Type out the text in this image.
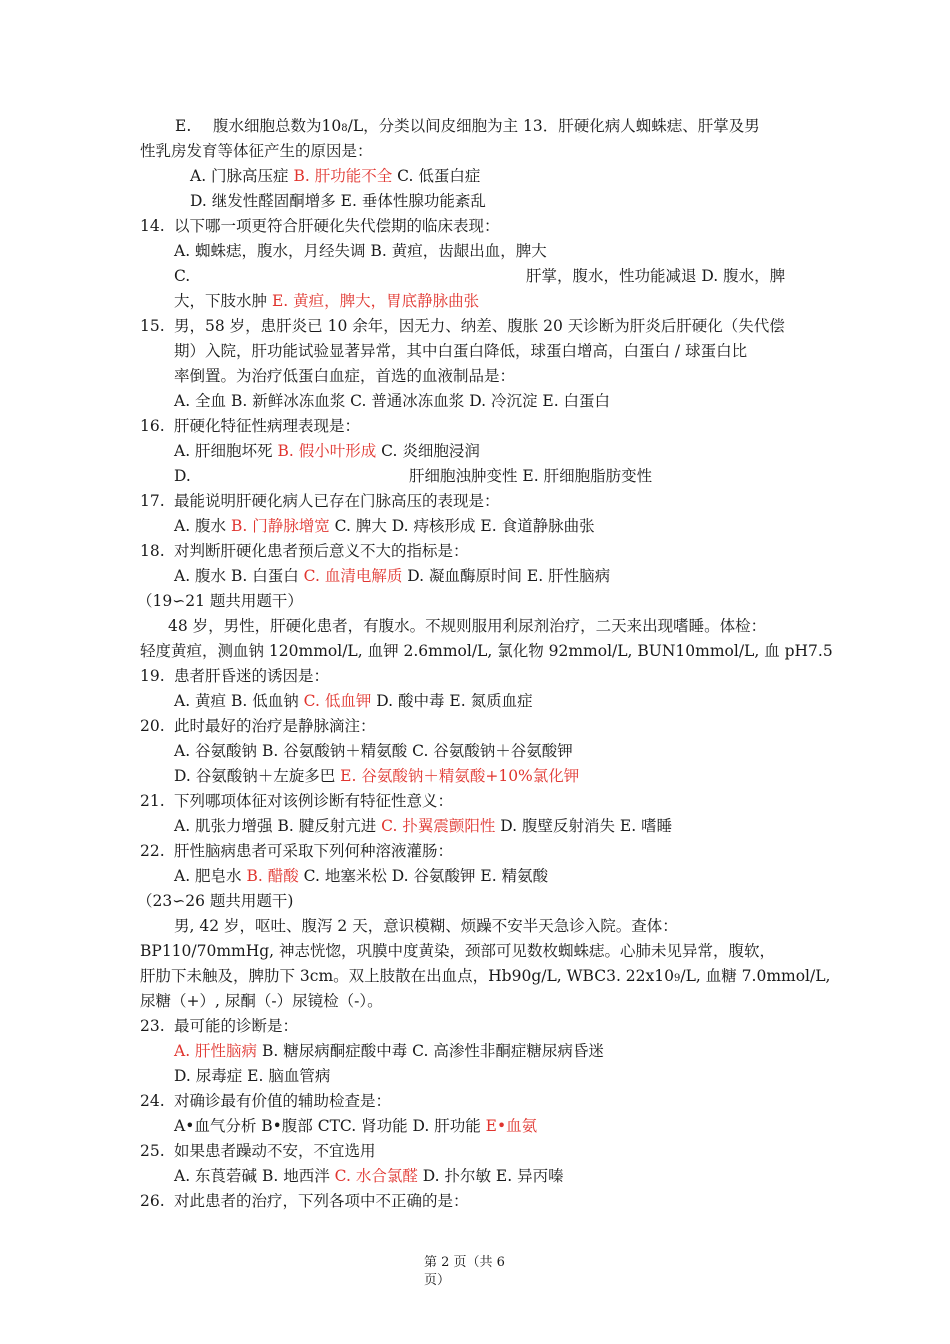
E. 腹水细胞总数为108/L，分类以间皮细胞为主 13．肝硬化病人蜘蛛痣、肝掌及男
性乳房发育等体征产生的原因是：
A. 门脉高压症 B. 肝功能不全 C. 低蛋白症
D. 继发性醛固酮增多 E. 垂体性腺功能紊乱
14. 以下哪一项更符合肝硬化失代偿期的临床表现：
A. 蜘蛛痣，腹水，月经失调 B. 黄疸，齿龈出血，脾大
C.	肝掌，腹水，性功能减退 D. 腹水，脾
大，下肢水肿 E. 黄疸，脾大，胃底静脉曲张
15. 男，58 岁，患肝炎已 10 余年，因无力、纳差、腹胀 20 天诊断为肝炎后肝硬化（失代偿
期）入院，肝功能试验显著异常，其中白蛋白降低，球蛋白增高，白蛋白 / 球蛋白比
率倒置。为治疗低蛋白血症，首选的血液制品是：
A. 全血 B. 新鲜冰冻血浆 C. 普通冰冻血浆 D. 冷沉淀 E. 白蛋白
16. 肝硬化特征性病理表现是：
A. 肝细胞坏死 B. 假小叶形成 C. 炎细胞浸润
D.	肝细胞浊肿变性 E. 肝细胞脂肪变性
17. 最能说明肝硬化病人已存在门脉高压的表现是：
A. 腹水 B. 门静脉增宽 C. 脾大 D. 痔核形成 E. 食道静脉曲张
18. 对判断肝硬化患者预后意义不大的指标是：
A. 腹水 B. 白蛋白 C. 血清电解质 D. 凝血酶原时间 E. 肝性脑病
（19∽21 题共用题干）
48 岁，男性，肝硬化患者，有腹水。不规则服用利尿剂治疗，二天来出现嗜睡。体检：
轻度黄疸，测血钠 120mmol/L, 血钾 2.6mmol/L, 氯化物 92mmol/L, BUN10mmol/L, 血 pH7.5
19. 患者肝昏迷的诱因是：
A. 黄疸 B. 低血钠 C. 低血钾 D. 酸中毒 E. 氮质血症
20. 此时最好的治疗是静脉滴注：
A. 谷氨酸钠 B. 谷氨酸钠＋精氨酸 C. 谷氨酸钠＋谷氨酸钾
D. 谷氨酸钠＋左旋多巴 E. 谷氨酸钠＋精氨酸+10%氯化钾
21. 下列哪项体征对该例诊断有特征性意义：
A. 肌张力增强 B. 腱反射亢进 C. 扑翼震颤阳性 D. 腹壁反射消失 E. 嗜睡
22. 肝性脑病患者可采取下列何种溶液灌肠：
A. 肥皂水 B. 醋酸 C. 地塞米松 D. 谷氨酸钾 E. 精氨酸
（23∽26 题共用题干)
男, 42 岁，呕吐、腹泻 2 天，意识模糊、烦躁不安半天急诊入院。查体：
BP110/70mmHg, 神志恍惚，巩膜中度黄染，颈部可见数枚蜘蛛痣。心肺未见异常，腹软，
肝肋下未触及，脾肋下 3cm。双上肢散在出血点，Hb90g/L, WBC3. 22x109/L, 血糖 7.0mmol/L,
尿糖（+）, 尿酮（-）尿镜检（-）。
23. 最可能的诊断是：
A. 肝性脑病 B. 糖尿病酮症酸中毒 C. 高渗性非酮症糖尿病昏迷
D. 尿毒症 E. 脑血管病
24. 对确诊最有价值的辅助检查是：
A•血气分析 B•腹部 CTC. 肾功能 D. 肝功能 E•血氨
25. 如果患者躁动不安，不宜选用
A. 东莨菪碱 B. 地西泮 C. 水合氯醛 D. 扑尔敏 E. 异丙嗪
26. 对此患者的治疗，下列各项中不正确的是：
第 2 页（共 6
页）
